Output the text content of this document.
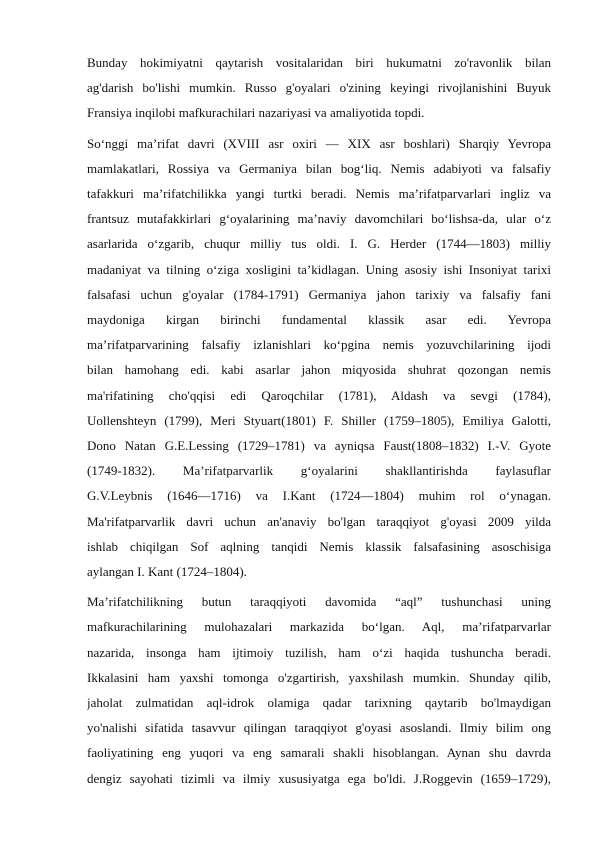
Bunday hokimiyatni qaytarish vositalaridan biri hukumatni zo'ravonlik bilan
ag'darish bo'lishi mumkin. Russo g'oyalari o'zining keyingi rivojlanishini Buyuk
Fransiya inqilobi mafkurachilari nazariyasi va amaliyotida topdi.
So‘nggi ma’rifat davri (XVIII asr oxiri — XIX asr boshlari) Sharqiy Yevropa
mamlakatlari, Rossiya va Germaniya bilan bog‘liq. Nemis adabiyoti va falsafiy
tafakkuri ma’rifatchilikka yangi turtki beradi. Nemis ma’rifatparvarlari ingliz va
frantsuz mutafakkirlari g‘oyalarining ma’naviy davomchilari bo‘lishsa-da, ular o‘z
asarlarida o‘zgarib, chuqur milliy tus oldi. I. G. Herder (1744—1803) milliy
madaniyat va tilning o‘ziga xosligini ta’kidlagan. Uning asosiy ishi Insoniyat tarixi
falsafasi uchun g'oyalar (1784-1791) Germaniya jahon tarixiy va falsafiy fani
maydoniga kirgan birinchi fundamental klassik asar edi. Yevropa
ma’rifatparvarining falsafiy izlanishlari ko‘pgina nemis yozuvchilarining ijodi
bilan hamohang edi. kabi asarlar jahon miqyosida shuhrat qozongan nemis
ma'rifatining cho'qqisi edi Qaroqchilar (1781), Aldash va sevgi (1784),
Uollenshteyn (1799), Meri Styuart(1801) F. Shiller (1759–1805), Emiliya Galotti,
Dono Natan G.E.Lessing (1729–1781) va ayniqsa Faust(1808–1832) I.-V. Gyote
(1749-1832). Ma’rifatparvarlik g‘oyalarini shakllantirishda faylasuflar
G.V.Leybnis (1646—1716) va I.Kant (1724—1804) muhim rol o‘ynagan.
Ma'rifatparvarlik davri uchun an'anaviy bo'lgan taraqqiyot g'oyasi 2009 yilda
ishlab chiqilgan Sof aqlning tanqidi Nemis klassik falsafasining asoschisiga
aylangan I. Kant (1724–1804).
Ma’rifatchilikning butun taraqqiyoti davomida “aql” tushunchasi uning
mafkurachilarining mulohazalari markazida bo‘lgan. Aql, ma’rifatparvarlar
nazarida, insonga ham ijtimoiy tuzilish, ham o‘zi haqida tushuncha beradi.
Ikkalasini ham yaxshi tomonga o'zgartirish, yaxshilash mumkin. Shunday qilib,
jaholat zulmatidan aql-idrok olamiga qadar tarixning qaytarib bo'lmaydigan
yo'nalishi sifatida tasavvur qilingan taraqqiyot g'oyasi asoslandi. Ilmiy bilim ong
faoliyatining eng yuqori va eng samarali shakli hisoblangan. Aynan shu davrda
dengiz sayohati tizimli va ilmiy xususiyatga ega bo'ldi. J.Roggevin (1659–1729),
